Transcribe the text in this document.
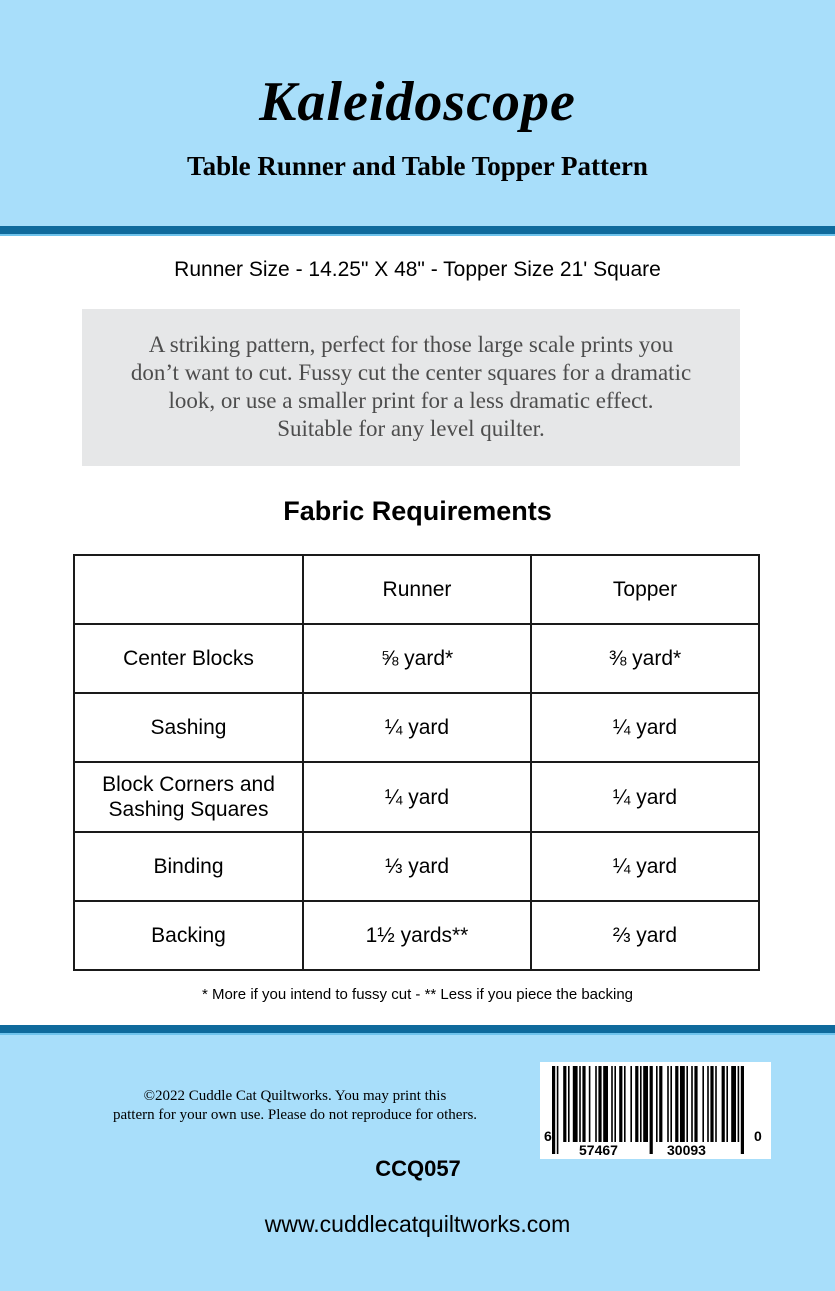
Kaleidoscope
Table Runner and Table Topper Pattern
Runner Size - 14.25" X 48" - Topper Size 21' Square
A striking pattern, perfect for those large scale prints you
don’t want to cut. Fussy cut the center squares for a dramatic
look, or use a smaller print for a less dramatic effect.
Suitable for any level quilter.
Fabric Requirements
	Runner	Topper
Center Blocks	⅝ yard*	⅜ yard*
Sashing	¼ yard	¼ yard
Block Corners and Sashing Squares	¼ yard	¼ yard
Binding	⅓ yard	¼ yard
Backing	1½ yards**	⅔ yard
* More if you intend to fussy cut - ** Less if you piece the backing
©2022 Cuddle Cat Quiltworks. You may print this
pattern for your own use. Please do not reproduce for others.
CCQ057
6
57467	30093
0
www.cuddlecatquiltworks.com
